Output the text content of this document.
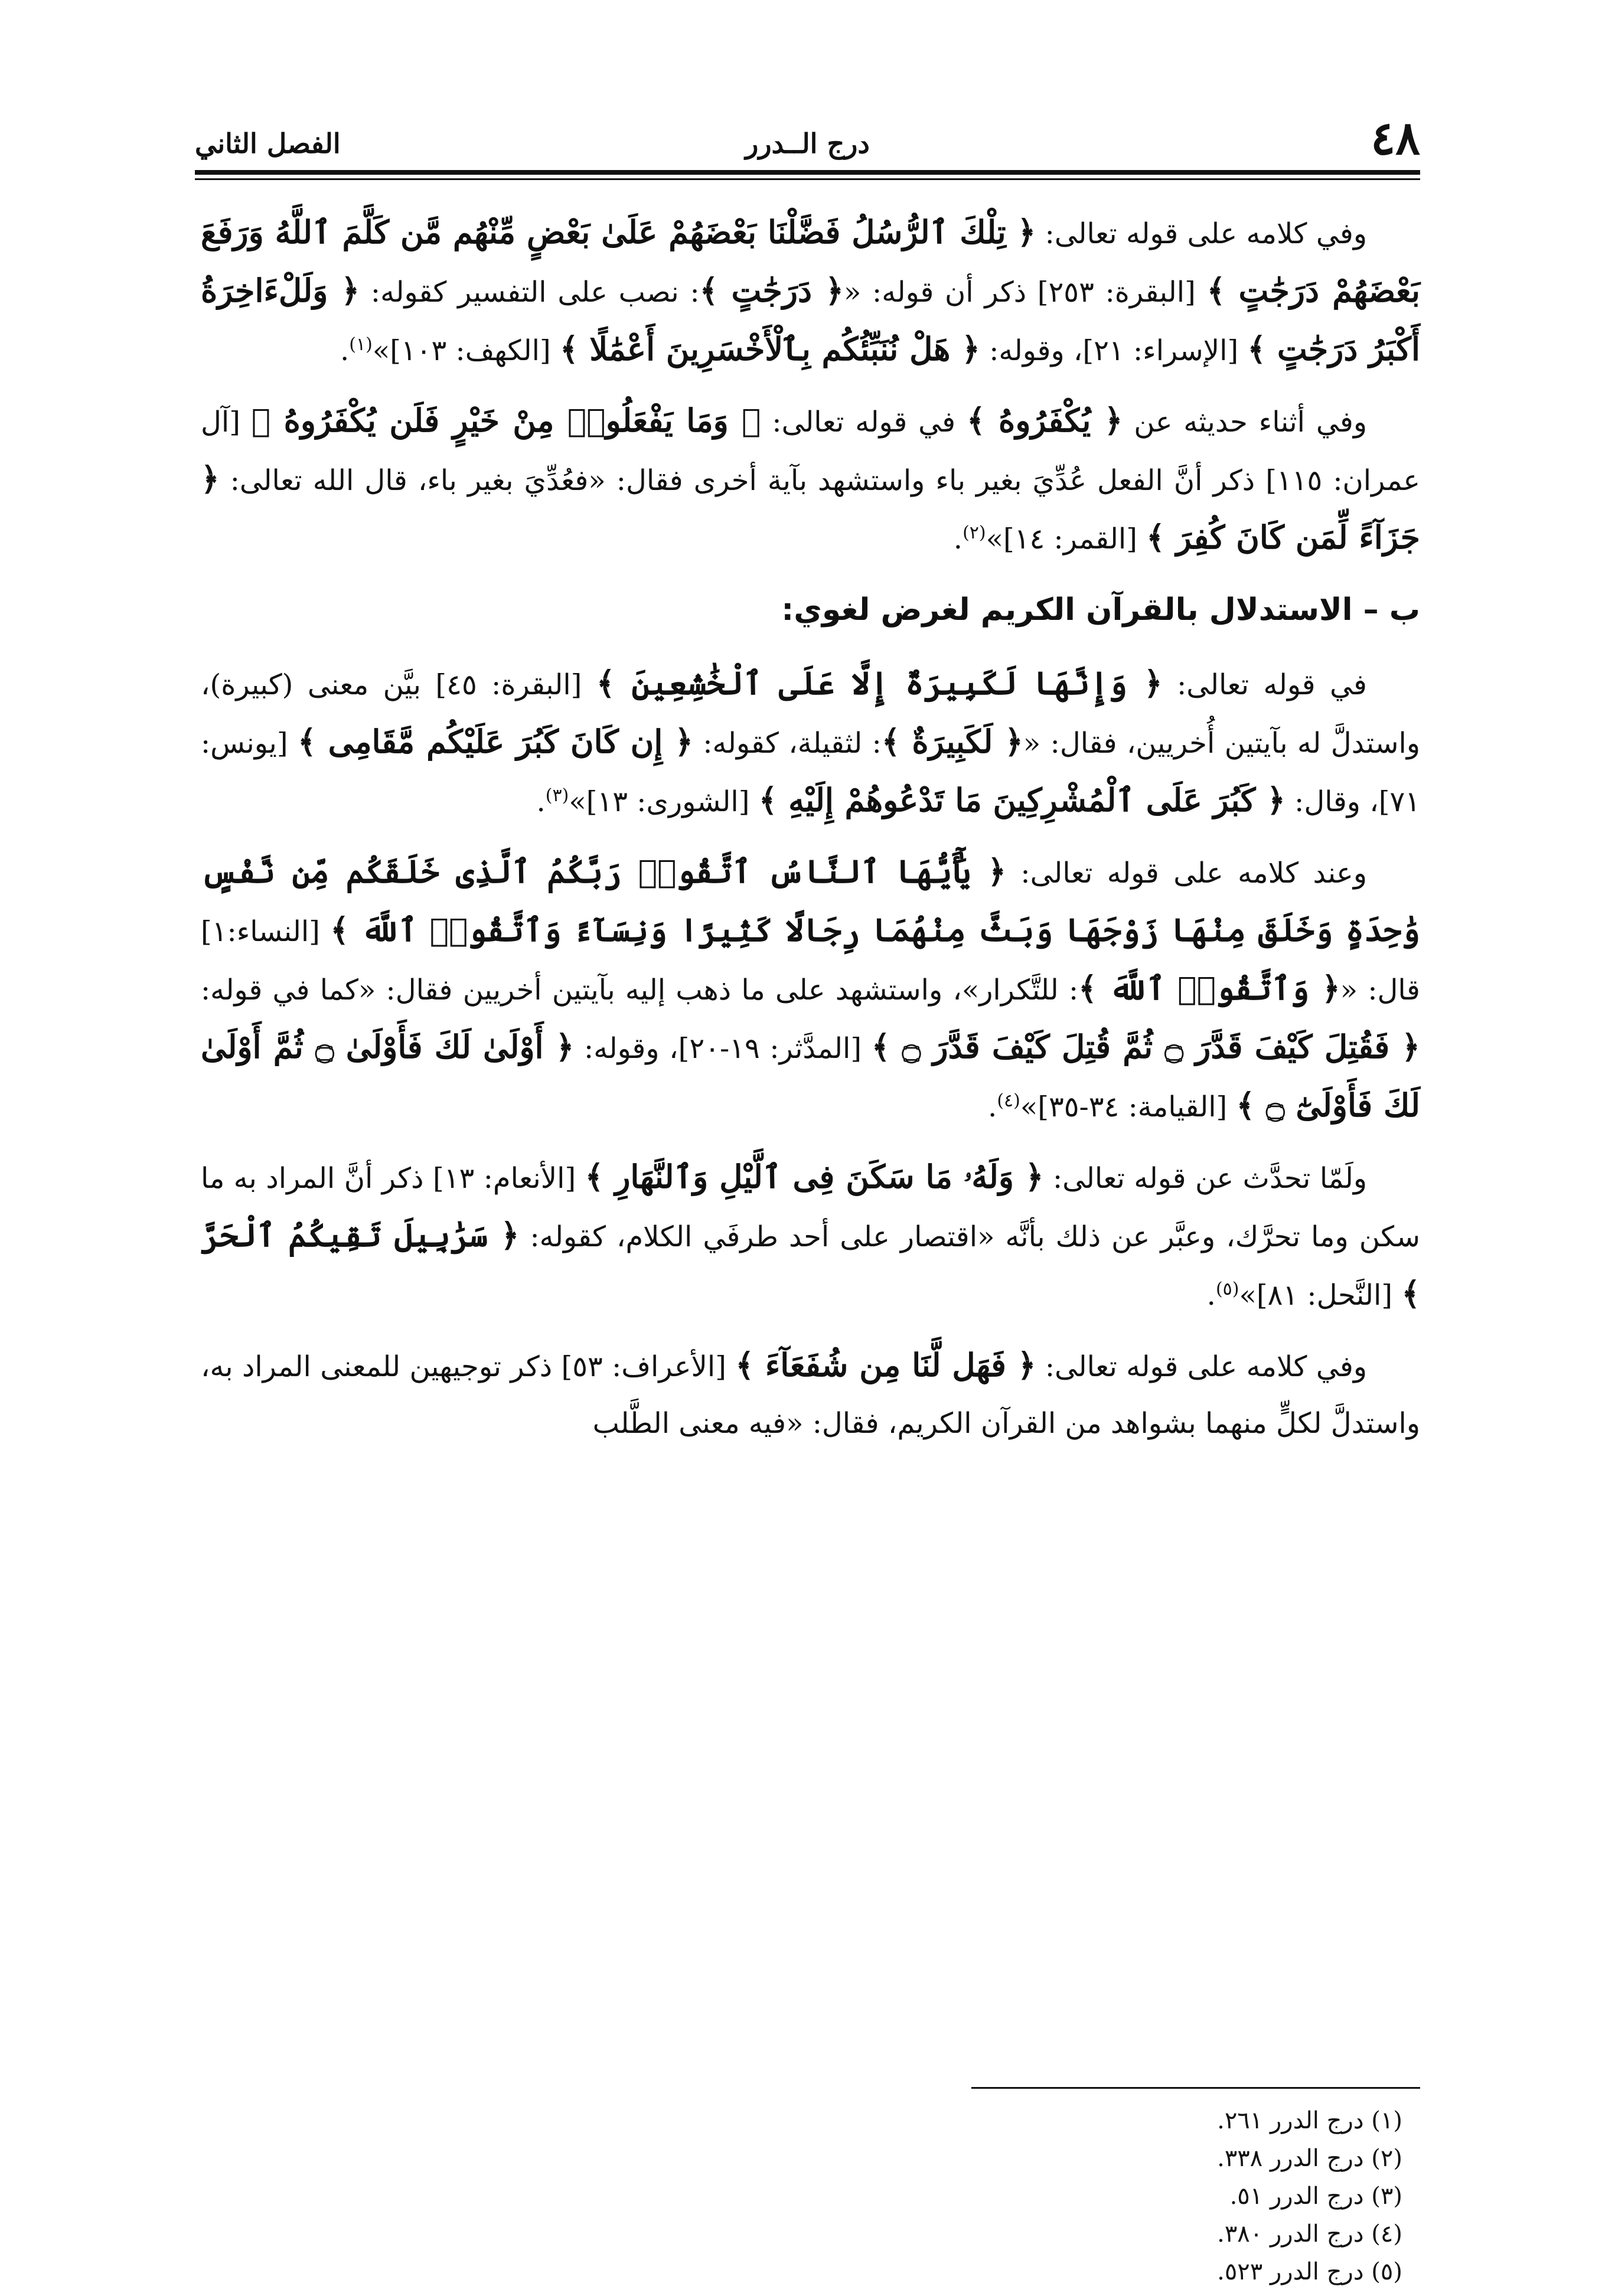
٤٨
درج الــدرر
الفصل الثاني

وفي كلامه على قوله تعالى: ﴿ تِلْكَ ٱلرُّسُلُ فَضَّلْنَا بَعْضَهُمْ عَلَىٰ بَعْضٍ مِّنْهُم مَّن كَلَّمَ ٱللَّهُ وَرَفَعَ بَعْضَهُمْ دَرَجَٰتٍ ﴾ [البقرة: ٢٥٣] ذكر أن قوله: «﴿ دَرَجَٰتٍ ﴾: نصب على التفسير كقوله: ﴿ وَلَلْءَاخِرَةُ أَكْبَرُ دَرَجَٰتٍ ﴾ [الإسراء: ٢١]، وقوله: ﴿ هَلْ نُنَبِّئُكُم بِٱلْأَخْسَرِينَ أَعْمَٰلًا ﴾ [الكهف: ١٠٣]»$^{(١)}$.

وفي أثناء حديثه عن ﴿ يُكْفَرُوهُ ﴾ في قوله تعالى: ﴿ وَمَا يَفْعَلُوا۟ مِنْ خَيْرٍ فَلَن يُكْفَرُوهُ ﴾ [آل عمران: ١١٥] ذكر أنَّ الفعل عُدِّيَ بغير باء واستشهد بآية أخرى فقال: «فعُدِّيَ بغير باء، قال الله تعالى: ﴿ جَزَآءً لِّمَن كَانَ كُفِرَ ﴾ [القمر: ١٤]»$^{(٢)}$.

ب – الاستدلال بالقرآن الكريم لغرض لغوي:

في قوله تعالى: ﴿ وَإِنَّهَا لَكَبِيرَةٌ إِلَّا عَلَى ٱلْخَٰشِعِينَ ﴾ [البقرة: ٤٥] بيَّن معنى (كبيرة)، واستدلَّ له بآيتين أُخريين، فقال: «﴿ لَكَبِيرَةٌ ﴾: لثقيلة، كقوله: ﴿ إِن كَانَ كَبُرَ عَلَيْكُم مَّقَامِى ﴾ [يونس: ٧١]، وقال: ﴿ كَبُرَ عَلَى ٱلْمُشْرِكِينَ مَا تَدْعُوهُمْ إِلَيْهِ ﴾ [الشورى: ١٣]»$^{(٣)}$.

وعند كلامه على قوله تعالى: ﴿ يَٰٓأَيُّهَا ٱلنَّاسُ ٱتَّقُوا۟ رَبَّكُمُ ٱلَّذِى خَلَقَكُم مِّن نَّفْسٍ وَٰحِدَةٍ وَخَلَقَ مِنْهَا زَوْجَهَا وَبَثَّ مِنْهُمَا رِجَالًا كَثِيرًا وَنِسَآءً وَٱتَّقُوا۟ ٱللَّهَ ﴾ [النساء:١] قال: «﴿ وَٱتَّقُوا۟ ٱللَّهَ ﴾: للتَّكرار»، واستشهد على ما ذهب إليه بآيتين أخريين فقال: «كما في قوله: ﴿ فَقُتِلَ كَيْفَ قَدَّرَ ۝ ثُمَّ قُتِلَ كَيْفَ قَدَّرَ ۝ ﴾ [المدَّثر: ١٩-٢٠]، وقوله: ﴿ أَوْلَىٰ لَكَ فَأَوْلَىٰ ۝ ثُمَّ أَوْلَىٰ لَكَ فَأَوْلَىٰٓ ۝ ﴾ [القيامة: ٣٤-٣٥]»$^{(٤)}$.

ولَمّا تحدَّث عن قوله تعالى: ﴿ وَلَهُۥ مَا سَكَنَ فِى ٱلَّيْلِ وَٱلنَّهَارِ ﴾ [الأنعام: ١٣] ذكر أنَّ المراد به ما سكن وما تحرَّك، وعبَّر عن ذلك بأنَّه «اقتصار على أحد طرفَي الكلام، كقوله: ﴿ سَرَٰبِيلَ تَقِيكُمُ ٱلْحَرَّ ﴾ [النَّحل: ٨١]»$^{(٥)}$.

وفي كلامه على قوله تعالى: ﴿ فَهَل لَّنَا مِن شُفَعَآءَ ﴾ [الأعراف: ٥٣] ذكر توجيهين للمعنى المراد به، واستدلَّ لكلٍّ منهما بشواهد من القرآن الكريم، فقال: «فيه معنى الطَّلب

(١) درج الدرر ٢٦١.
(٢) درج الدرر ٣٣٨.
(٣) درج الدرر ٥١.
(٤) درج الدرر ٣٨٠.
(٥) درج الدرر ٥٢٣.
